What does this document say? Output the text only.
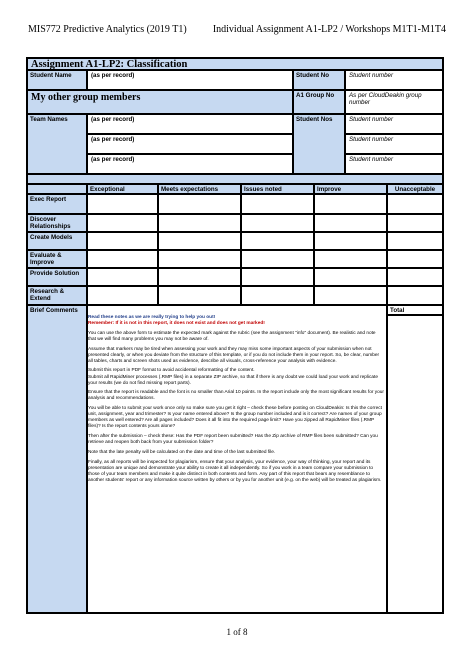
MIS772 Predictive Analytics (2019 T1)	Individual Assignment A1-LP2 / Workshops M1T1-M1T4
Assignment A1-LP2: Classification
Student Name	(as per record)	Student No	Student number
My other group members	A1 Group No	As per CloudDeakin group number
Team Names	(as per record)	Student Nos	Student number
(as per record)	Student number
(as per record)	Student number
Exceptional	Meets expectations	Issues noted	Improve	Unacceptable
Exec Report
Discover Relationships
Create Models
Evaluate & Improve
Provide Solution
Research & Extend
Brief Comments	Total
Read these notes as we are really trying to help you out!

Remember: If it is not in this report, it does not exist and does not get marked!

You can use the above form to estimate the expected mark against the rubric (see the assignment "info" document). Be realistic and note that we will find many problems you may not be aware of.

Assume that markers may be tired when assessing your work and they may miss some important aspects of your submission when not presented clearly, or when you deviate from the structure of this template, or if you do not include them in your report. So, be clear, number all tables, charts and screen shots used as evidence, describe all visuals, cross-reference your analysis with evidence.

Submit this report in PDF format to avoid accidental reformatting of the content.
Submit all RapidMiner processes (.RMP files) in a separate ZIP archive, so that if there is any doubt we could load your work and replicate your results (we do not find missing report parts).

Ensure that the report is readable and the font is no smaller than Arial 10 points. In the report include only the most significant results for your analysis and recommendations.

You will be able to submit your work once only so make sure you get it right – check these before posting on CloudDeakin: Is this the correct unit, assignment, year and trimester? Is your name entered above? Is the group number included and is it correct? Are names of your group members as well entered? Are all pages included? Does it all fit into the required page limit? Have you zipped all RapidMiner files (.RMP files)? Is the report contents yours alone?

Then after the submission – check these: Has the PDF report been submitted? Has the Zip archive of RMP files been submitted? Can you retrieve and reopen both back from your submission folder?

Note that the late penalty will be calculated on the date and time of the last submitted file.

Finally, as all reports will be inspected for plagiarism, ensure that your analysis, your evidence, your way of thinking, your report and its presentation are unique and demonstrate your ability to create it all independently. So if you work in a team compare your submission to those of your team members and make it quite distinct in both contents and form. Any part of this report that bears any resemblance to another students' report or any information source written by others or by you for another unit (e.g. on the web) will be treated as plagiarism.

1 of 8
